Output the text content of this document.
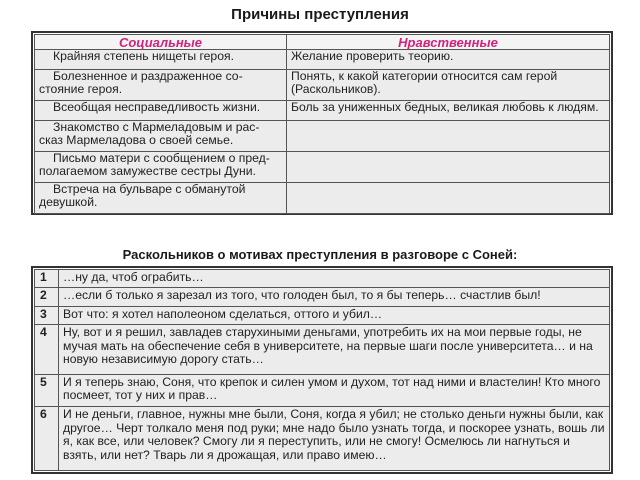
Причины преступления
Социальные	Нравственные
Крайняя степень нищеты героя.	Желание проверить теорию.
Болезненное и раздраженное со-стояние героя.	Понять, к какой категории относится сам герой (Раскольников).
Всеобщая несправедливость жизни.	Боль за униженных бедных, великая любовь к людям.
Знакомство с Мармеладовым и рас-сказ Мармеладова о своей семье.	
Письмо матери с сообщением о пред-полагаемом замужестве сестры Дуни.	
Встреча на бульваре с обманутой девушкой.	
Раскольников о мотивах преступления в разговоре с Соней:
1	…ну да, чтоб ограбить…
2	…если б только я зарезал из того, что голоден был, то я бы теперь… счастлив был!
3	Вот что: я хотел наполеоном сделаться, оттого и убил…
4	Ну, вот и я решил, завладев старухиными деньгами, употребить их на мои первые годы, не мучая мать на обеспечение себя в университете, на первые шаги после университета… и на новую независимую дорогу стать…
5	И я теперь знаю, Соня, что крепок и силен умом и духом, тот над ними и властелин! Кто много посмеет, тот у них и прав…
6	И не деньги, главное, нужны мне были, Соня, когда я убил; не столько деньги нужны были, как другое… Черт толкало меня под руки; мне надо было узнать тогда, и поскорее узнать, вошь ли я, как все, или человек? Смогу ли я переступить, или не смогу! Осмелюсь ли нагнуться и взять, или нет? Тварь ли я дрожащая, или право имею…
